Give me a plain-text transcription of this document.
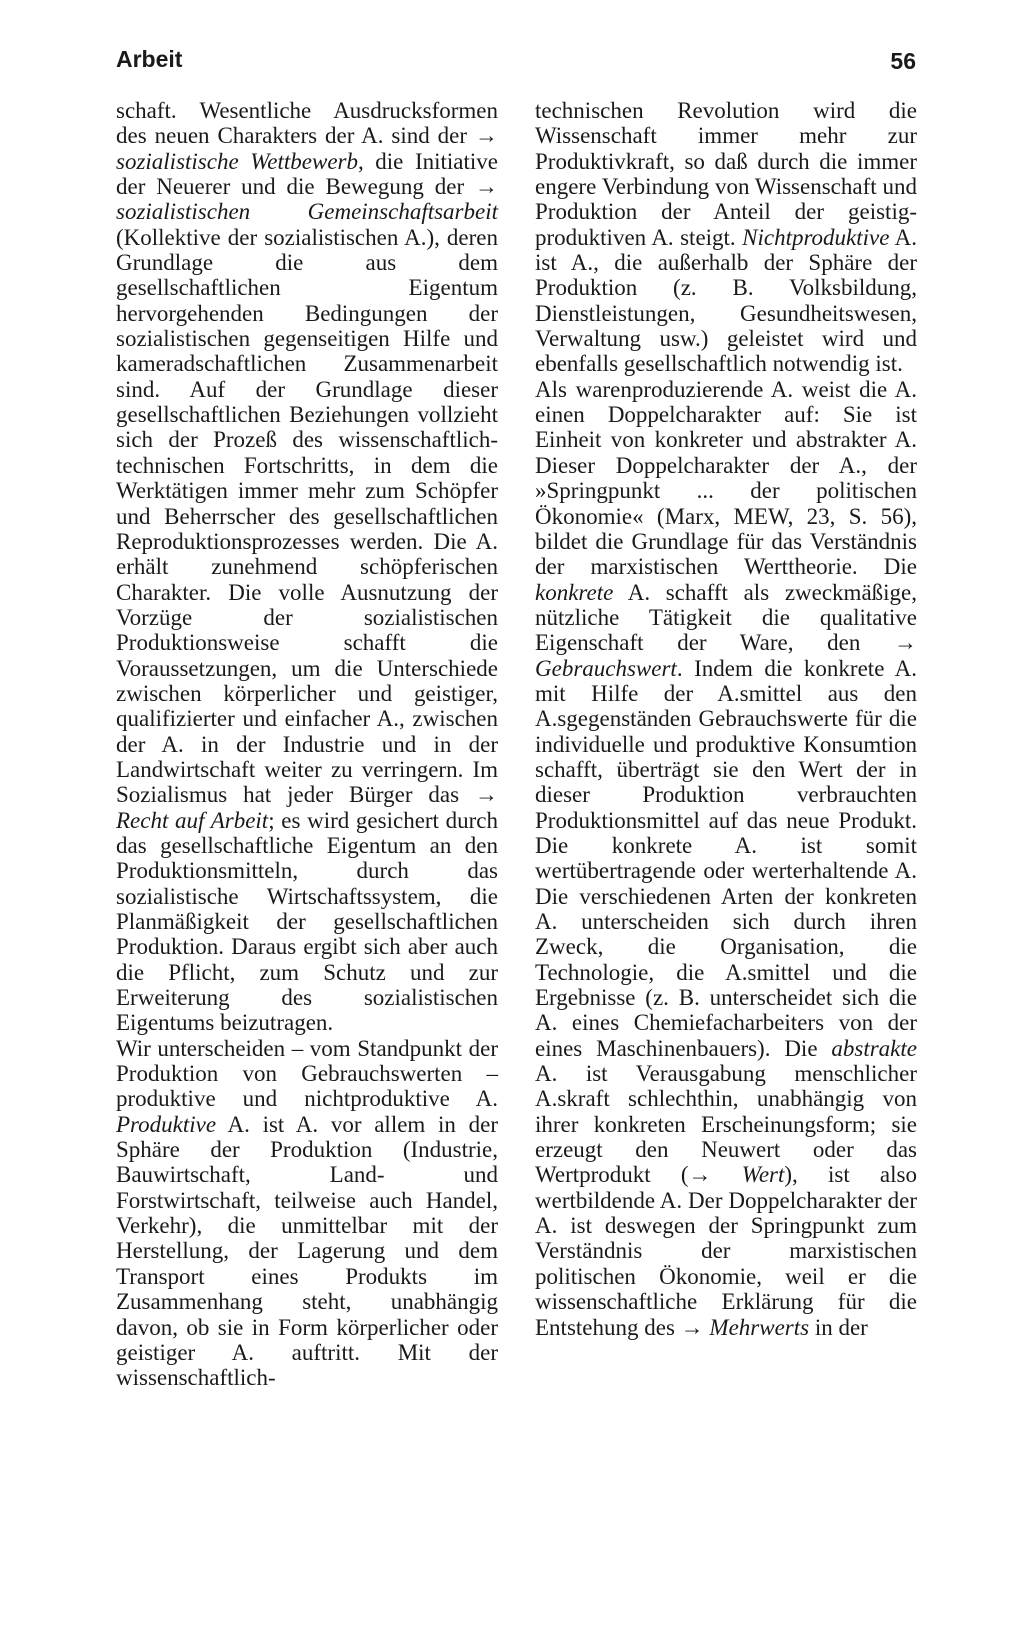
Arbeit	56

schaft. Wesentliche Ausdrucksformen des neuen Charakters der A. sind der → sozialistische Wettbewerb, die Initiative der Neuerer und die Bewegung der → sozialistischen Gemeinschaftsarbeit (Kollektive der sozialistischen A.), deren Grundlage die aus dem gesellschaftlichen Eigentum hervorgehenden Bedingungen der sozialistischen gegenseitigen Hilfe und kameradschaftlichen Zusammenarbeit sind. Auf der Grundlage dieser gesellschaftlichen Beziehungen vollzieht sich der Prozeß des wissenschaftlich-technischen Fortschritts, in dem die Werktätigen immer mehr zum Schöpfer und Beherrscher des gesellschaftlichen Reproduktionsprozesses werden. Die A. erhält zunehmend schöpferischen Charakter. Die volle Ausnutzung der Vorzüge der sozialistischen Produktionsweise schafft die Voraussetzungen, um die Unterschiede zwischen körperlicher und geistiger, qualifizierter und einfacher A., zwischen der A. in der Industrie und in der Landwirtschaft weiter zu verringern. Im Sozialismus hat jeder Bürger das → Recht auf Arbeit; es wird gesichert durch das gesellschaftliche Eigentum an den Produktionsmitteln, durch das sozialistische Wirtschaftssystem, die Planmäßigkeit der gesellschaftlichen Produktion. Daraus ergibt sich aber auch die Pflicht, zum Schutz und zur Erweiterung des sozialistischen Eigentums beizutragen.

Wir unterscheiden – vom Standpunkt der Produktion von Gebrauchswerten – produktive und nichtproduktive A. Produktive A. ist A. vor allem in der Sphäre der Produktion (Industrie, Bauwirtschaft, Land- und Forstwirtschaft, teilweise auch Handel, Verkehr), die unmittelbar mit der Herstellung, der Lagerung und dem Transport eines Produkts im Zusammenhang steht, unabhängig davon, ob sie in Form körperlicher oder geistiger A. auftritt. Mit der wissenschaftlich-

technischen Revolution wird die Wissenschaft immer mehr zur Produktivkraft, so daß durch die immer engere Verbindung von Wissenschaft und Produktion der Anteil der geistig-produktiven A. steigt. Nichtproduktive A. ist A., die außerhalb der Sphäre der Produktion (z. B. Volksbildung, Dienstleistungen, Gesundheitswesen, Verwaltung usw.) geleistet wird und ebenfalls gesellschaftlich notwendig ist.

Als warenproduzierende A. weist die A. einen Doppelcharakter auf: Sie ist Einheit von konkreter und abstrakter A. Dieser Doppelcharakter der A., der »Springpunkt ... der politischen Ökonomie« (Marx, MEW, 23, S. 56), bildet die Grundlage für das Verständnis der marxistischen Werttheorie. Die konkrete A. schafft als zweckmäßige, nützliche Tätigkeit die qualitative Eigenschaft der Ware, den → Gebrauchswert. Indem die konkrete A. mit Hilfe der A.smittel aus den A.sgegenständen Gebrauchswerte für die individuelle und produktive Konsumtion schafft, überträgt sie den Wert der in dieser Produktion verbrauchten Produktionsmittel auf das neue Produkt. Die konkrete A. ist somit wertübertragende oder werterhaltende A. Die verschiedenen Arten der konkreten A. unterscheiden sich durch ihren Zweck, die Organisation, die Technologie, die A.smittel und die Ergebnisse (z. B. unterscheidet sich die A. eines Chemiefacharbeiters von der eines Maschinenbauers). Die abstrakte A. ist Verausgabung menschlicher A.skraft schlechthin, unabhängig von ihrer konkreten Erscheinungsform; sie erzeugt den Neuwert oder das Wertprodukt (→ Wert), ist also wertbildende A. Der Doppelcharakter der A. ist deswegen der Springpunkt zum Verständnis der marxistischen politischen Ökonomie, weil er die wissenschaftliche Erklärung für die Entstehung des → Mehrwerts in der
